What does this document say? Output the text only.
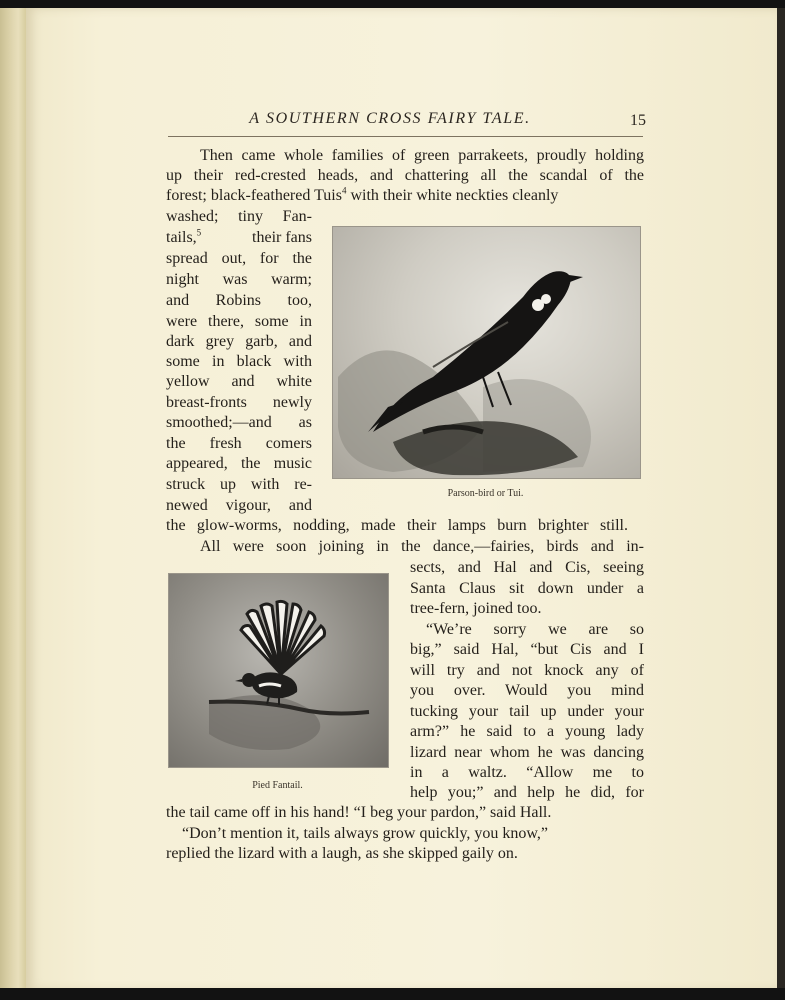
A SOUTHERN CROSS FAIRY TALE.	15
Then came whole families of green parrakeets, proudly holding
up their red-crested heads, and chattering all the scandal of the
forest; black-feathered Tuis$^4$ with their white neckties cleanly
washed; tiny Fan-
tails,$^5$	their fans
spread out, for the
night was warm;
and Robins too,
were there, some in
dark grey garb, and
some in black with
yellow and white
breast-fronts newly
smoothed;—and as
the fresh comers
appeared, the music
struck up with re-
newed vigour, and
the glow-worms, nodding, made their lamps burn brighter still.
Parson-bird or Tui.
All were soon joining in the dance,—fairies, birds and in-
sects, and Hal and Cis, seeing
Santa Claus sit down under a
tree-fern, joined too.
“We’re sorry we are so
big,” said Hal, “but Cis and I
will try and not knock any of
you over. Would you mind
tucking your tail up under your
arm?” he said to a young lady
lizard near whom he was dancing
in a waltz. “Allow me to
help you;” and help he did, for
the tail came off in his hand! “I beg your pardon,” said Hall.
Pied Fantail.
“Don’t mention it, tails always grow quickly, you know,”
replied the lizard with a laugh, as she skipped gaily on.
